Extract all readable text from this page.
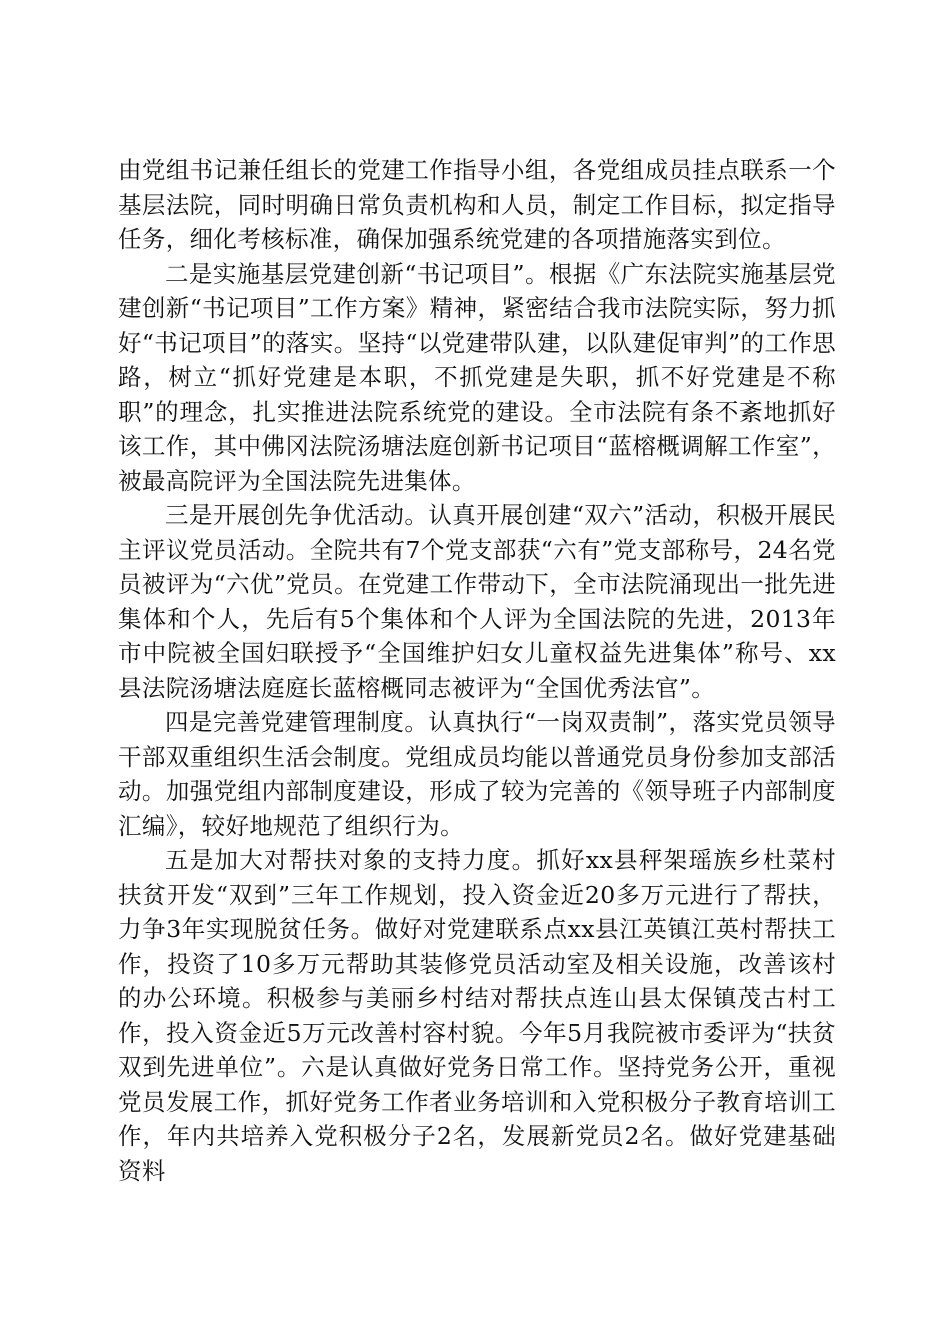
由党组书记兼任组长的党建工作指导小组，各党组成员挂点联系一个基层法院，同时明确日常负责机构和人员，制定工作目标，拟定指导任务，细化考核标准，确保加强系统党建的各项措施落实到位。

二是实施基层党建创新“书记项目”。根据《广东法院实施基层党建创新“书记项目”工作方案》精神，紧密结合我市法院实际，努力抓好“书记项目”的落实。坚持“以党建带队建，以队建促审判”的工作思路，树立“抓好党建是本职，不抓党建是失职，抓不好党建是不称职”的理念，扎实推进法院系统党的建设。全市法院有条不紊地抓好该工作，其中佛冈法院汤塘法庭创新书记项目“蓝榕概调解工作室”，被最高院评为全国法院先进集体。

三是开展创先争优活动。认真开展创建“双六”活动，积极开展民主评议党员活动。全院共有7个党支部获“六有”党支部称号，24名党员被评为“六优”党员。在党建工作带动下，全市法院涌现出一批先进集体和个人，先后有5个集体和个人评为全国法院的先进，2013年市中院被全国妇联授予“全国维护妇女儿童权益先进集体”称号、xx县法院汤塘法庭庭长蓝榕概同志被评为“全国优秀法官”。

四是完善党建管理制度。认真执行“一岗双责制”，落实党员领导干部双重组织生活会制度。党组成员均能以普通党员身份参加支部活动。加强党组内部制度建设，形成了较为完善的《领导班子内部制度汇编》，较好地规范了组织行为。

五是加大对帮扶对象的支持力度。抓好xx县秤架瑶族乡杜菜村扶贫开发“双到”三年工作规划，投入资金近20多万元进行了帮扶，力争3年实现脱贫任务。做好对党建联系点xx县江英镇江英村帮扶工作，投资了10多万元帮助其装修党员活动室及相关设施，改善该村的办公环境。积极参与美丽乡村结对帮扶点连山县太保镇茂古村工作，投入资金近5万元改善村容村貌。今年5月我院被市委评为“扶贫双到先进单位”。六是认真做好党务日常工作。坚持党务公开，重视党员发展工作，抓好党务工作者业务培训和入党积极分子教育培训工作，年内共培养入党积极分子2名，发展新党员2名。做好党建基础资料
